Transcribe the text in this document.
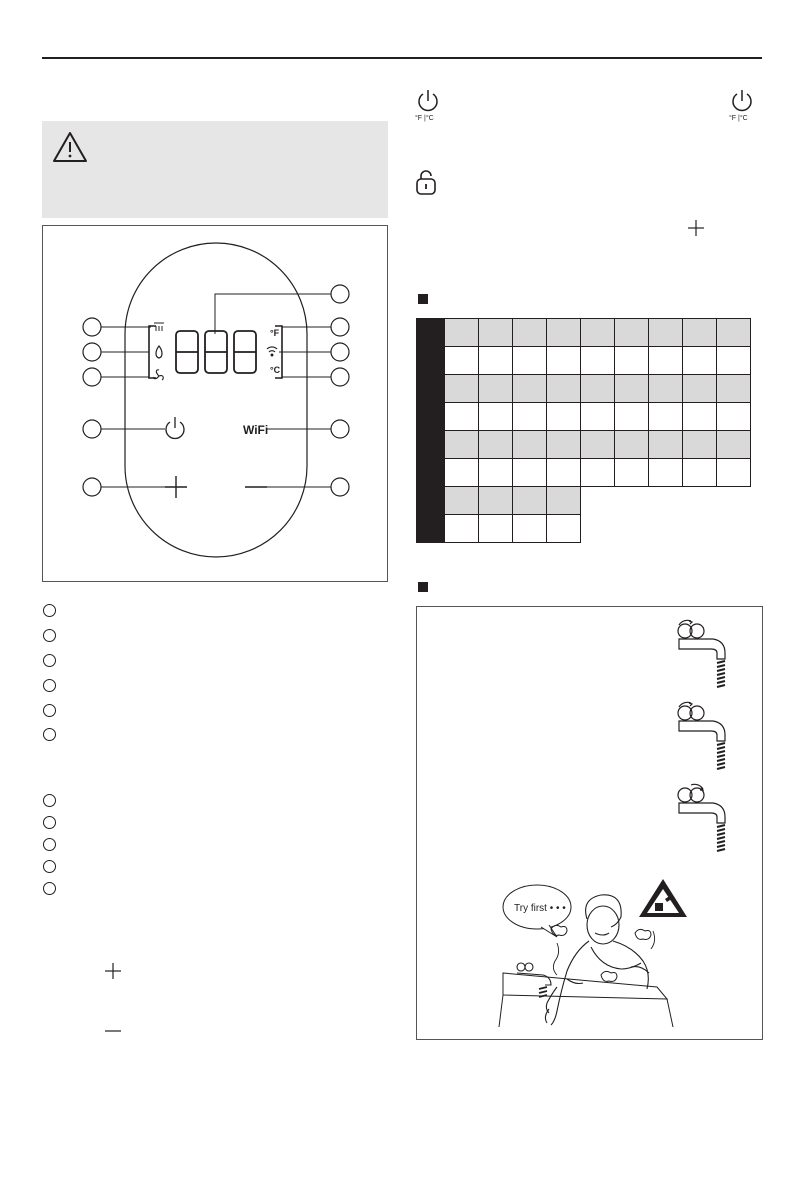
°F
°C
WiFi
°F |°C	°F |°C

Try first • • •
